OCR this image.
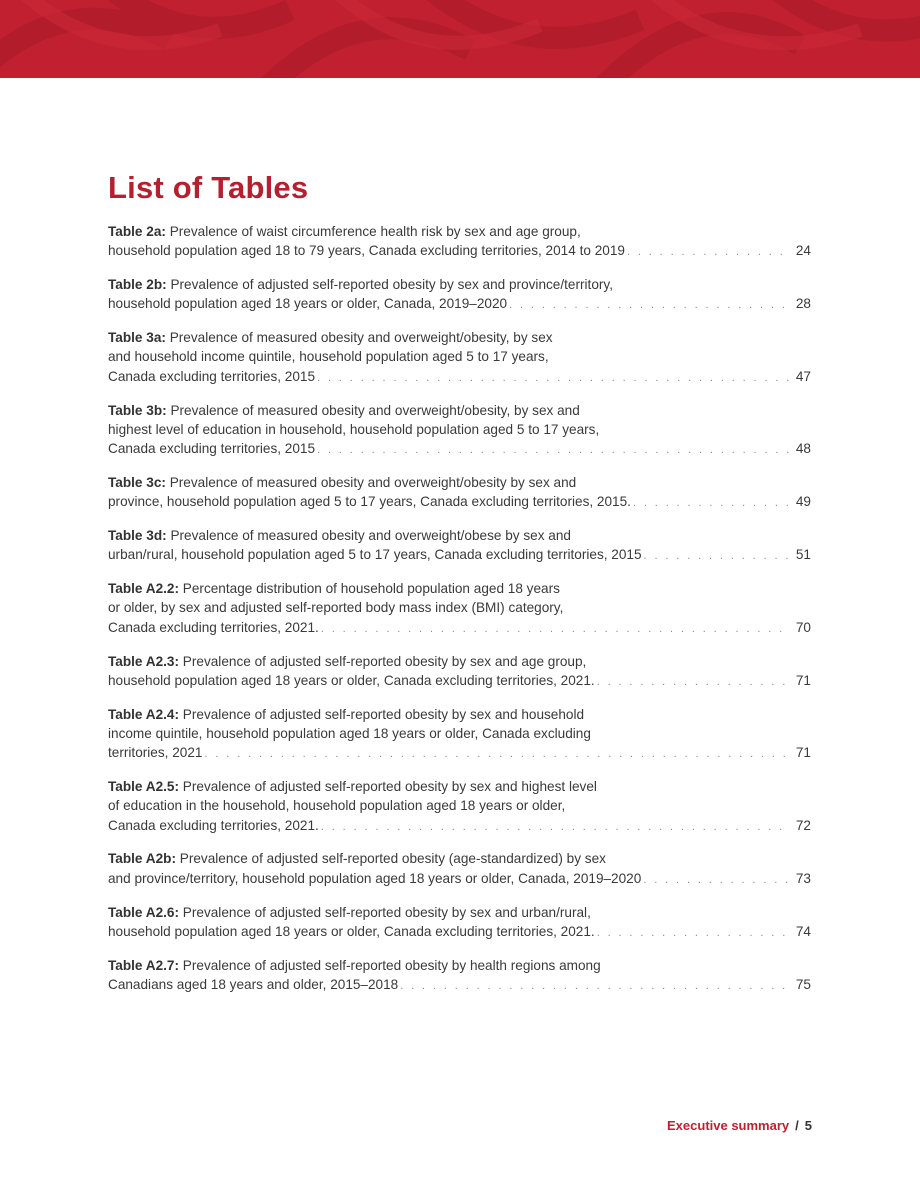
List of Tables
Table 2a: Prevalence of waist circumference health risk by sex and age group,
household population aged 18 to 79 years, Canada excluding territories, 2014 to 2019 . . .	24
Table 2b: Prevalence of adjusted self-reported obesity by sex and province/territory,
household population aged 18 years or older, Canada, 2019–2020 . . .	28
Table 3a: Prevalence of measured obesity and overweight/obesity, by sex
and household income quintile, household population aged 5 to 17 years,
Canada excluding territories, 2015 . . .	47
Table 3b: Prevalence of measured obesity and overweight/obesity, by sex and
highest level of education in household, household population aged 5 to 17 years,
Canada excluding territories, 2015 . . .	48
Table 3c: Prevalence of measured obesity and overweight/obesity by sex and
province, household population aged 5 to 17 years, Canada excluding territories, 2015. . . .	49
Table 3d: Prevalence of measured obesity and overweight/obese by sex and
urban/rural, household population aged 5 to 17 years, Canada excluding territories, 2015 . . .	51
Table A2.2: Percentage distribution of household population aged 18 years
or older, by sex and adjusted self-reported body mass index (BMI) category,
Canada excluding territories, 2021. . . .	70
Table A2.3: Prevalence of adjusted self-reported obesity by sex and age group,
household population aged 18 years or older, Canada excluding territories, 2021. . . .	71
Table A2.4: Prevalence of adjusted self-reported obesity by sex and household
income quintile, household population aged 18 years or older, Canada excluding
territories, 2021 . . .	71
Table A2.5: Prevalence of adjusted self-reported obesity by sex and highest level
of education in the household, household population aged 18 years or older,
Canada excluding territories, 2021. . . .	72
Table A2b: Prevalence of adjusted self-reported obesity (age-standardized) by sex
and province/territory, household population aged 18 years or older, Canada, 2019–2020 . . .	73
Table A2.6: Prevalence of adjusted self-reported obesity by sex and urban/rural,
household population aged 18 years or older, Canada excluding territories, 2021. . . .	74
Table A2.7: Prevalence of adjusted self-reported obesity by health regions among
Canadians aged 18 years and older, 2015–2018 . . .	75
Executive summary / 5
